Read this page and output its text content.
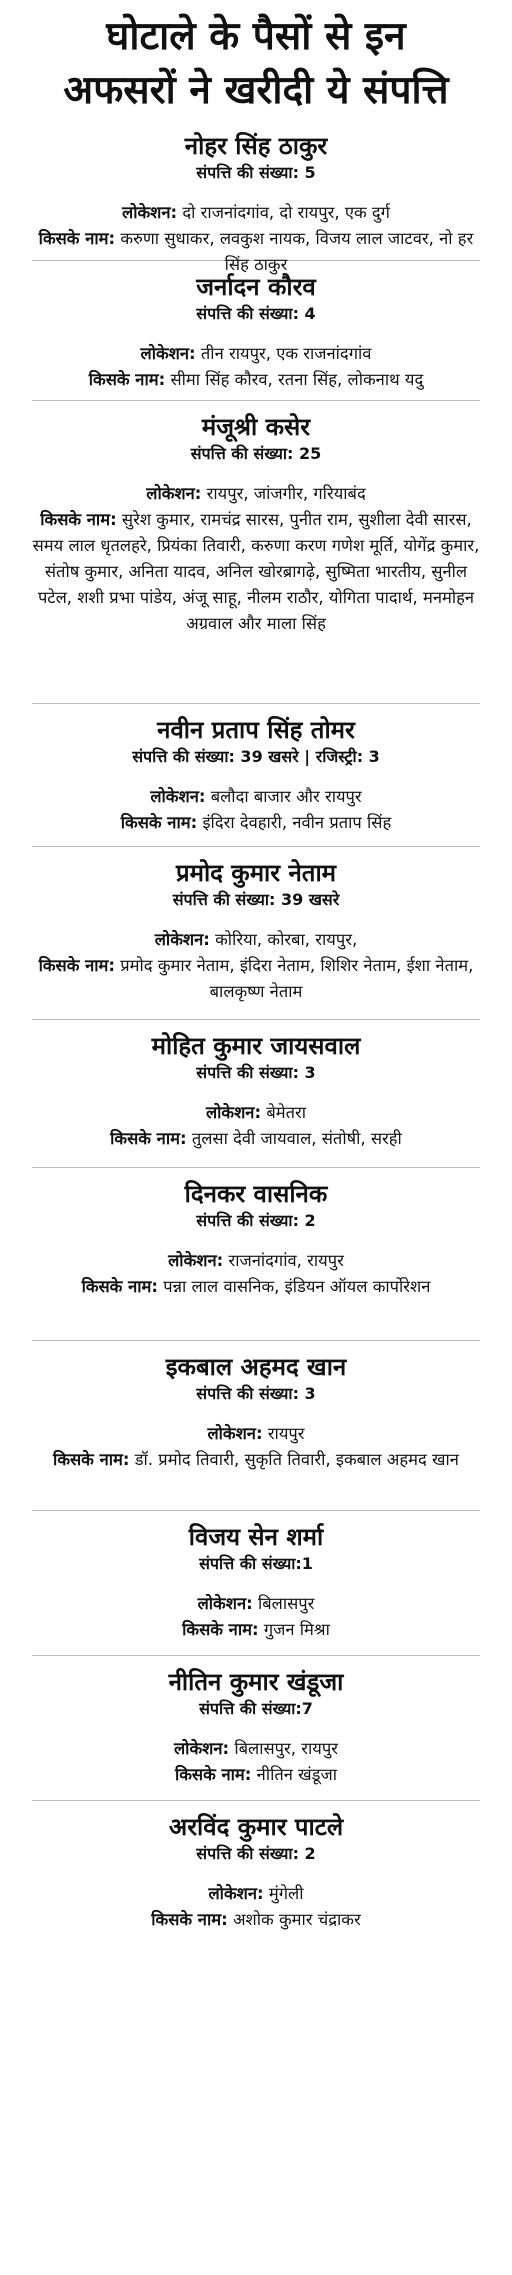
घोटाले के पैसों से इन
अफसरों ने खरीदी ये संपत्ति
नोहर सिंह ठाकुर
संपत्ति की संख्या: 5
लोकेशन: दो राजनांदगांव, दो रायपुर, एक दुर्ग
किसके नाम: करुणा सुधाकर, लवकुश नायक, विजय लाल जाटवर, नो हर सिंह ठाकुर
जर्नादन कौरव
संपत्ति की संख्या: 4
लोकेशन: तीन रायपुर, एक राजनांदगांव
किसके नाम: सीमा सिंह कौरव, रतना सिंह, लोकनाथ यदु
मंजूश्री कसेर
संपत्ति की संख्या: 25
लोकेशन: रायपुर, जांजगीर, गरियाबंद
किसके नाम: सुरेश कुमार, रामचंद्र सारस, पुनीत राम, सुशीला देवी सारस, समय लाल धृतलहरे, प्रियंका तिवारी, करुणा करण गणेश मूर्ति, योगेंद्र कुमार, संतोष कुमार, अनिता यादव, अनिल खोरब्रागढ़े, सुष्मिता भारतीय, सुनील पटेल, शशी प्रभा पांडेय, अंजू साहू, नीलम राठौर, योगिता पादार्थ, मनमोहन अग्रवाल और माला सिंह
नवीन प्रताप सिंह तोमर
संपत्ति की संख्या: 39 खसरे | रजिस्ट्री: 3
लोकेशन: बलौदा बाजार और रायपुर
किसके नाम: इंदिरा देवहारी, नवीन प्रताप सिंह
प्रमोद कुमार नेताम
संपत्ति की संख्या: 39 खसरे
लोकेशन: कोरिया, कोरबा, रायपुर,
किसके नाम: प्रमोद कुमार नेताम, इंदिरा नेताम, शिशिर नेताम, ईशा नेताम, बालकृष्ण नेताम
मोहित कुमार जायसवाल
संपत्ति की संख्या: 3
लोकेशन: बेमेतरा
किसके नाम: तुलसा देवी जायवाल, संतोषी, सरही
दिनकर वासनिक
संपत्ति की संख्या: 2
लोकेशन: राजनांदगांव, रायपुर
किसके नाम: पन्ना लाल वासनिक, इंडियन ऑयल कार्पोरेशन
इकबाल अहमद खान
संपत्ति की संख्या: 3
लोकेशन: रायपुर
किसके नाम: डॉ. प्रमोद तिवारी, सुकृति तिवारी, इकबाल अहमद खान
विजय सेन शर्मा
संपत्ति की संख्या:1
लोकेशन: बिलासपुर
किसके नाम: गुजन मिश्रा
नीतिन कुमार खंडूजा
संपत्ति की संख्या:7
लोकेशन: बिलासपुर, रायपुर
किसके नाम: नीतिन खंडूजा
अरविंद कुमार पाटले
संपत्ति की संख्या: 2
लोकेशन: मुंगेली
किसके नाम: अशोक कुमार चंद्राकर
